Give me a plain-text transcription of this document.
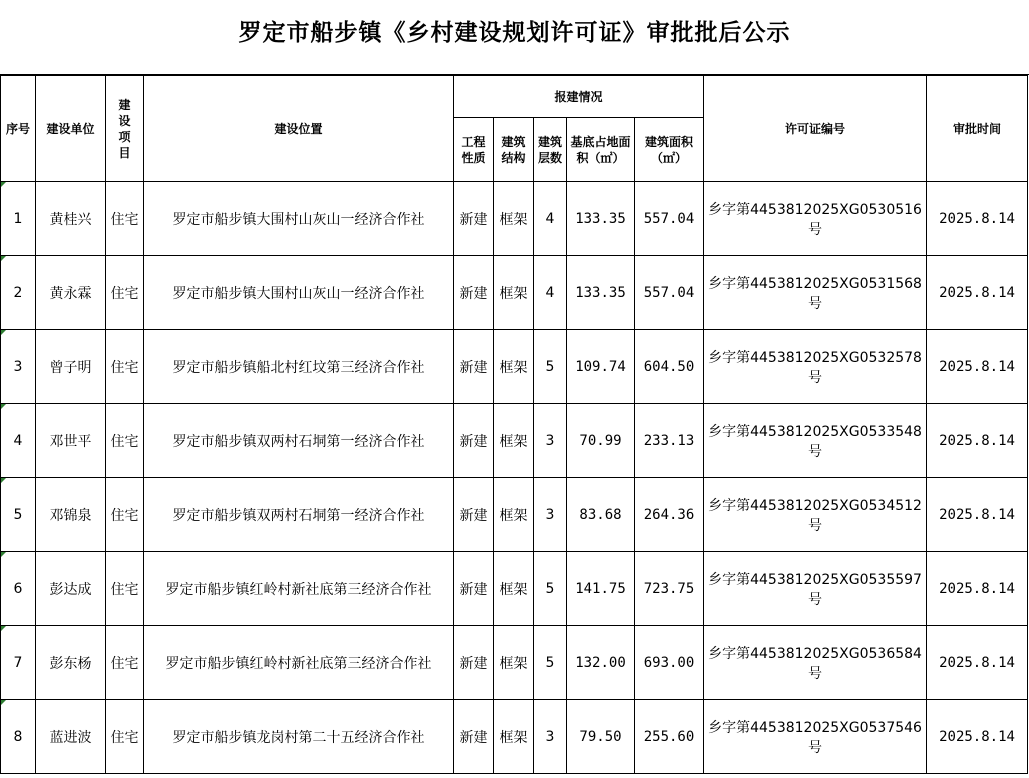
罗定市船步镇《乡村建设规划许可证》审批批后公示
序号	建设单位	建设项目	建设位置	报建情况					许可证编号	审批时间
				工程性质	建筑结构	建筑层数	基底占地面积（㎡）	建筑面积（㎡）		

1	黄桂兴	住宅	罗定市船步镇大围村山灰山一经济合作社	新建	框架	4	133.35	557.04	乡字第4453812025XG0530516号	2025.8.14

2	黄永霖	住宅	罗定市船步镇大围村山灰山一经济合作社	新建	框架	4	133.35	557.04	乡字第4453812025XG0531568号	2025.8.14

3	曾子明	住宅	罗定市船步镇船北村红坟第三经济合作社	新建	框架	5	109.74	604.50	乡字第4453812025XG0532578号	2025.8.14

4	邓世平	住宅	罗定市船步镇双两村石垌第一经济合作社	新建	框架	3	70.99	233.13	乡字第4453812025XG0533548号	2025.8.14

5	邓锦泉	住宅	罗定市船步镇双两村石垌第一经济合作社	新建	框架	3	83.68	264.36	乡字第4453812025XG0534512号	2025.8.14

6	彭达成	住宅	罗定市船步镇红岭村新社底第三经济合作社	新建	框架	5	141.75	723.75	乡字第4453812025XG0535597号	2025.8.14

7	彭东杨	住宅	罗定市船步镇红岭村新社底第三经济合作社	新建	框架	5	132.00	693.00	乡字第4453812025XG0536584号	2025.8.14

8	蓝进波	住宅	罗定市船步镇龙岗村第二十五经济合作社	新建	框架	3	79.50	255.60	乡字第4453812025XG0537546号	2025.8.14
